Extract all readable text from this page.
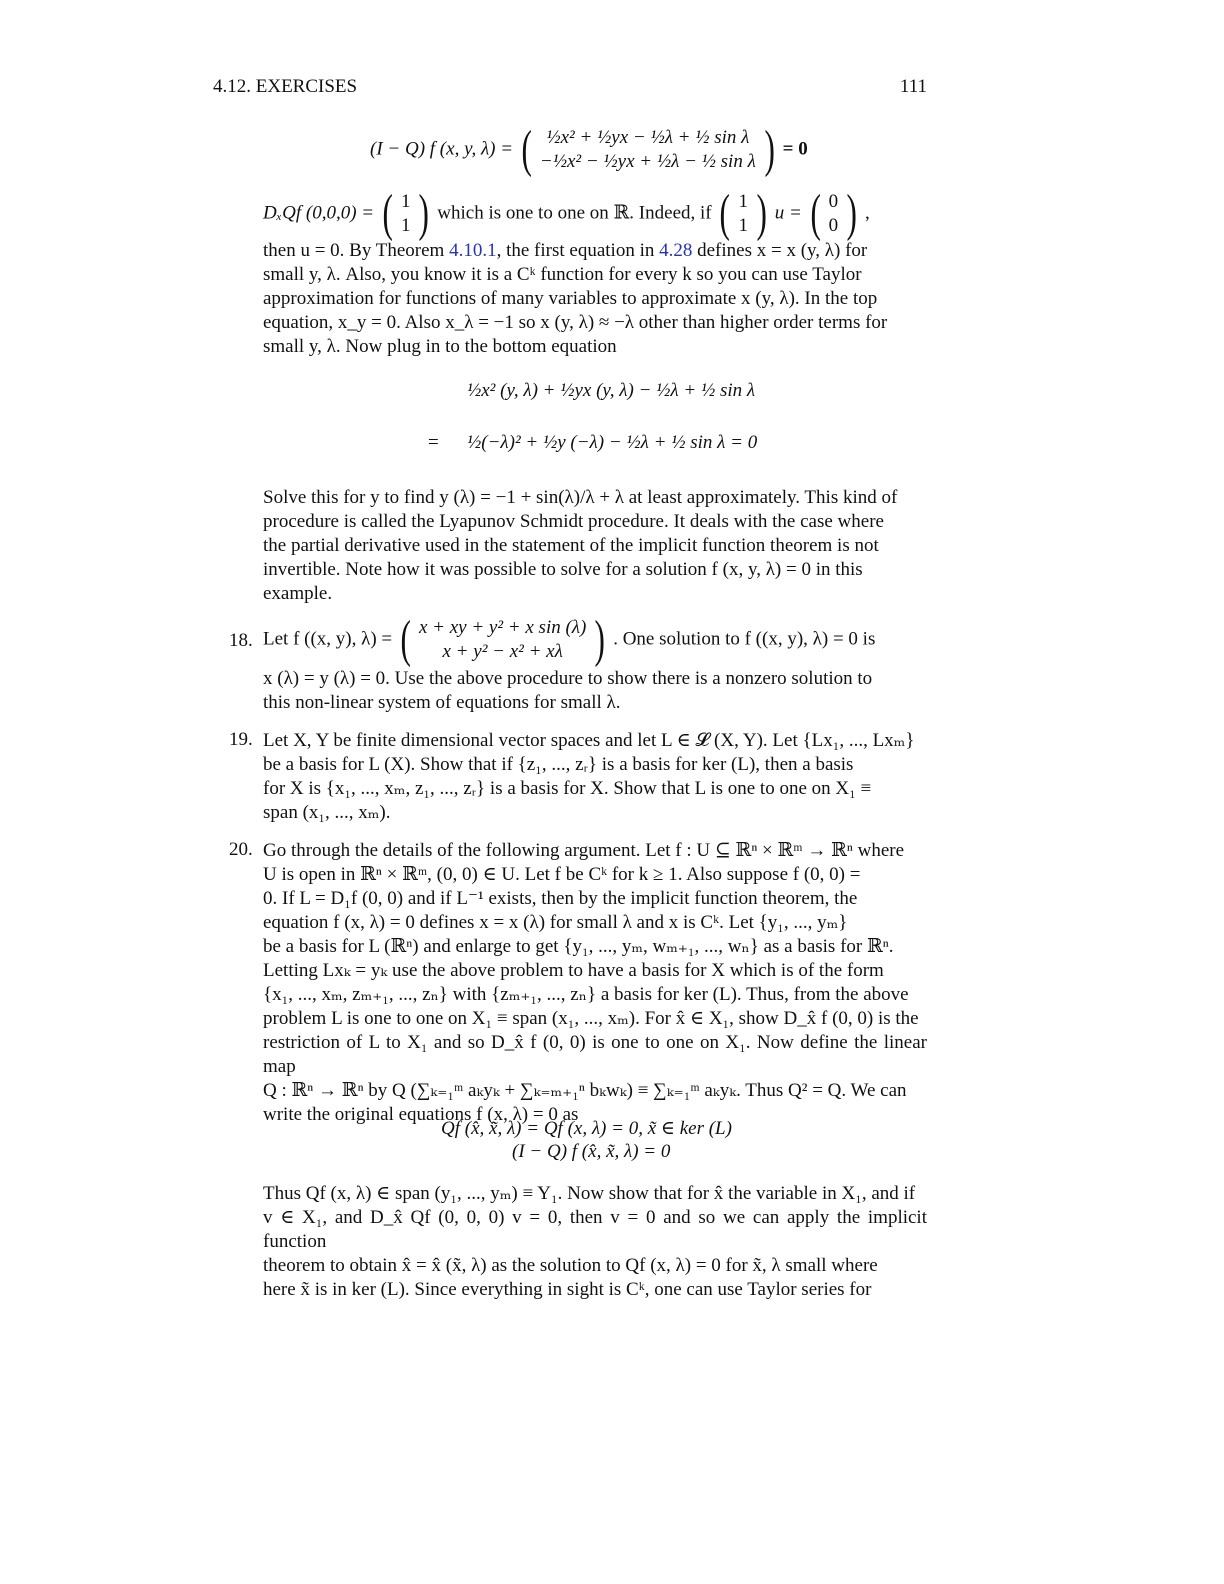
4.12. EXERCISES	111
(I − Q) f (x, y, λ) = ( ½x² + ½yx − ½λ + ½ sin λ
−½x² − ½yx + ½λ − ½ sin λ ) = 0
DₓQf (0,0,0) = ( 1
1 ) which is one to one on ℝ. Indeed, if ( 1
1 ) u = ( 0
0 ) ,
then u = 0. By Theorem 4.10.1, the first equation in 4.28 defines x = x (y, λ) for
small y, λ. Also, you know it is a Cᵏ function for every k so you can use Taylor
approximation for functions of many variables to approximate x (y, λ). In the top
equation, x_y = 0. Also x_λ = −1 so x (y, λ) ≈ −λ other than higher order terms for
small y, λ. Now plug in to the bottom equation
½x² (y, λ) + ½yx (y, λ) − ½λ + ½ sin λ
= ½(−λ)² + ½y (−λ) − ½λ + ½ sin λ = 0
Solve this for y to find y (λ) = −1 + sin(λ)/λ + λ at least approximately. This kind of
procedure is called the Lyapunov Schmidt procedure. It deals with the case where
the partial derivative used in the statement of the implicit function theorem is not
invertible. Note how it was possible to solve for a solution f (x, y, λ) = 0 in this
example.
18. Let f ((x, y), λ) = ( x + xy + y² + x sin (λ)
x + y² − x² + xλ ) . One solution to f ((x, y), λ) = 0 is
x (λ) = y (λ) = 0. Use the above procedure to show there is a nonzero solution to
this non-linear system of equations for small λ.
19. Let X, Y be finite dimensional vector spaces and let L ∈ 𝓛 (X, Y). Let {Lx₁, ..., Lxₘ}
be a basis for L (X). Show that if {z₁, ..., zᵣ} is a basis for ker (L), then a basis
for X is {x₁, ..., xₘ, z₁, ..., zᵣ} is a basis for X. Show that L is one to one on X₁ ≡
span (x₁, ..., xₘ).
20. Go through the details of the following argument. Let f : U ⊆ ℝⁿ × ℝᵐ → ℝⁿ where
U is open in ℝⁿ × ℝᵐ, (0, 0) ∈ U. Let f be Cᵏ for k ≥ 1. Also suppose f (0, 0) =
0. If L = D₁f (0, 0) and if L⁻¹ exists, then by the implicit function theorem, the
equation f (x, λ) = 0 defines x = x (λ) for small λ and x is Cᵏ. Let {y₁, ..., yₘ}
be a basis for L (ℝⁿ) and enlarge to get {y₁, ..., yₘ, wₘ₊₁, ..., wₙ} as a basis for ℝⁿ.
Letting Lxₖ = yₖ use the above problem to have a basis for X which is of the form
{x₁, ..., xₘ, zₘ₊₁, ..., zₙ} with {zₘ₊₁, ..., zₙ} a basis for ker (L). Thus, from the above
problem L is one to one on X₁ ≡ span (x₁, ..., xₘ). For x̂ ∈ X₁, show D_x̂ f (0, 0) is the
restriction of L to X₁ and so D_x̂ f (0, 0) is one to one on X₁. Now define the linear map
Q : ℝⁿ → ℝⁿ by Q (∑ₖ₌₁ᵐ aₖyₖ + ∑ₖ₌ₘ₊₁ⁿ bₖwₖ) ≡ ∑ₖ₌₁ᵐ aₖyₖ. Thus Q² = Q. We can
write the original equations f (x, λ) = 0 as
Qf (x̂, x̃, λ) = Qf (x, λ) = 0, x̃ ∈ ker (L)
(I − Q) f (x̂, x̃, λ) = 0
Thus Qf (x, λ) ∈ span (y₁, ..., yₘ) ≡ Y₁. Now show that for x̂ the variable in X₁, and if
v ∈ X₁, and D_x̂ Qf (0, 0, 0) v = 0, then v = 0 and so we can apply the implicit function
theorem to obtain x̂ = x̂ (x̃, λ) as the solution to Qf (x, λ) = 0 for x̃, λ small where
here x̃ is in ker (L). Since everything in sight is Cᵏ, one can use Taylor series for
